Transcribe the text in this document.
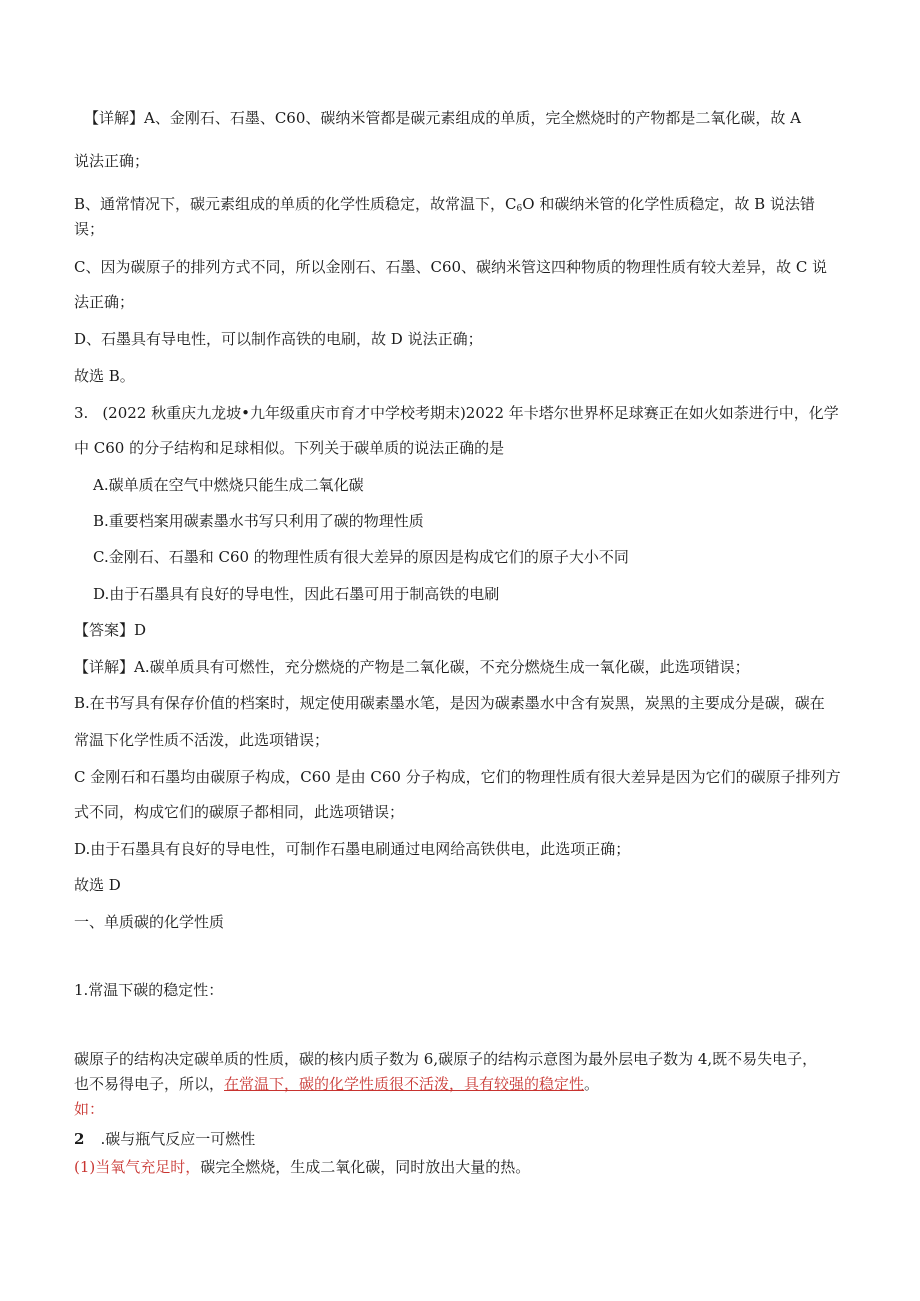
【详解】A、金刚石、石墨、C60、碳纳米管都是碳元素组成的单质，完全燃烧时的产物都是二氧化碳，故 A
说法正确；
B、通常情况下，碳元素组成的单质的化学性质稳定，故常温下，$C_6O$ 和碳纳米管的化学性质稳定，故 B 说法错
误；
C、因为碳原子的排列方式不同，所以金刚石、石墨、C60、碳纳米管这四种物质的物理性质有较大差异，故 C 说
法正确；
D、石墨具有导电性，可以制作高铁的电刷，故 D 说法正确；
故选 B。
3. (2022 秋重庆九龙坡•九年级重庆市育才中学校考期末)2022 年卡塔尔世界杯足球赛正在如火如荼进行中，化学
中 C60 的分子结构和足球相似。下列关于碳单质的说法正确的是
A.碳单质在空气中燃烧只能生成二氧化碳
B.重要档案用碳素墨水书写只利用了碳的物理性质
C.金刚石、石墨和 C60 的物理性质有很大差异的原因是构成它们的原子大小不同
D.由于石墨具有良好的导电性，因此石墨可用于制高铁的电刷
【答案】D
【详解】A.碳单质具有可燃性，充分燃烧的产物是二氧化碳，不充分燃烧生成一氧化碳，此选项错误；
B.在书写具有保存价值的档案时，规定使用碳素墨水笔，是因为碳素墨水中含有炭黑，炭黑的主要成分是碳，碳在
常温下化学性质不活泼，此选项错误；
C 金刚石和石墨均由碳原子构成，C60 是由 C60 分子构成，它们的物理性质有很大差异是因为它们的碳原子排列方
式不同，构成它们的碳原子都相同，此选项错误；
D.由于石墨具有良好的导电性，可制作石墨电刷通过电网给高铁供电，此选项正确；
故选 D
一、单质碳的化学性质
1.常温下碳的稳定性：
碳原子的结构决定碳单质的性质，碳的核内质子数为 6,碳原子的结构示意图为最外层电子数为 4,既不易失电子，
也不易得电子，所以，在常温下，碳的化学性质很不活泼，具有较强的稳定性。
如：
2 .碳与瓶气反应一可燃性
(1)当氧气充足时，碳完全燃烧，生成二氧化碳，同时放出大量的热。
